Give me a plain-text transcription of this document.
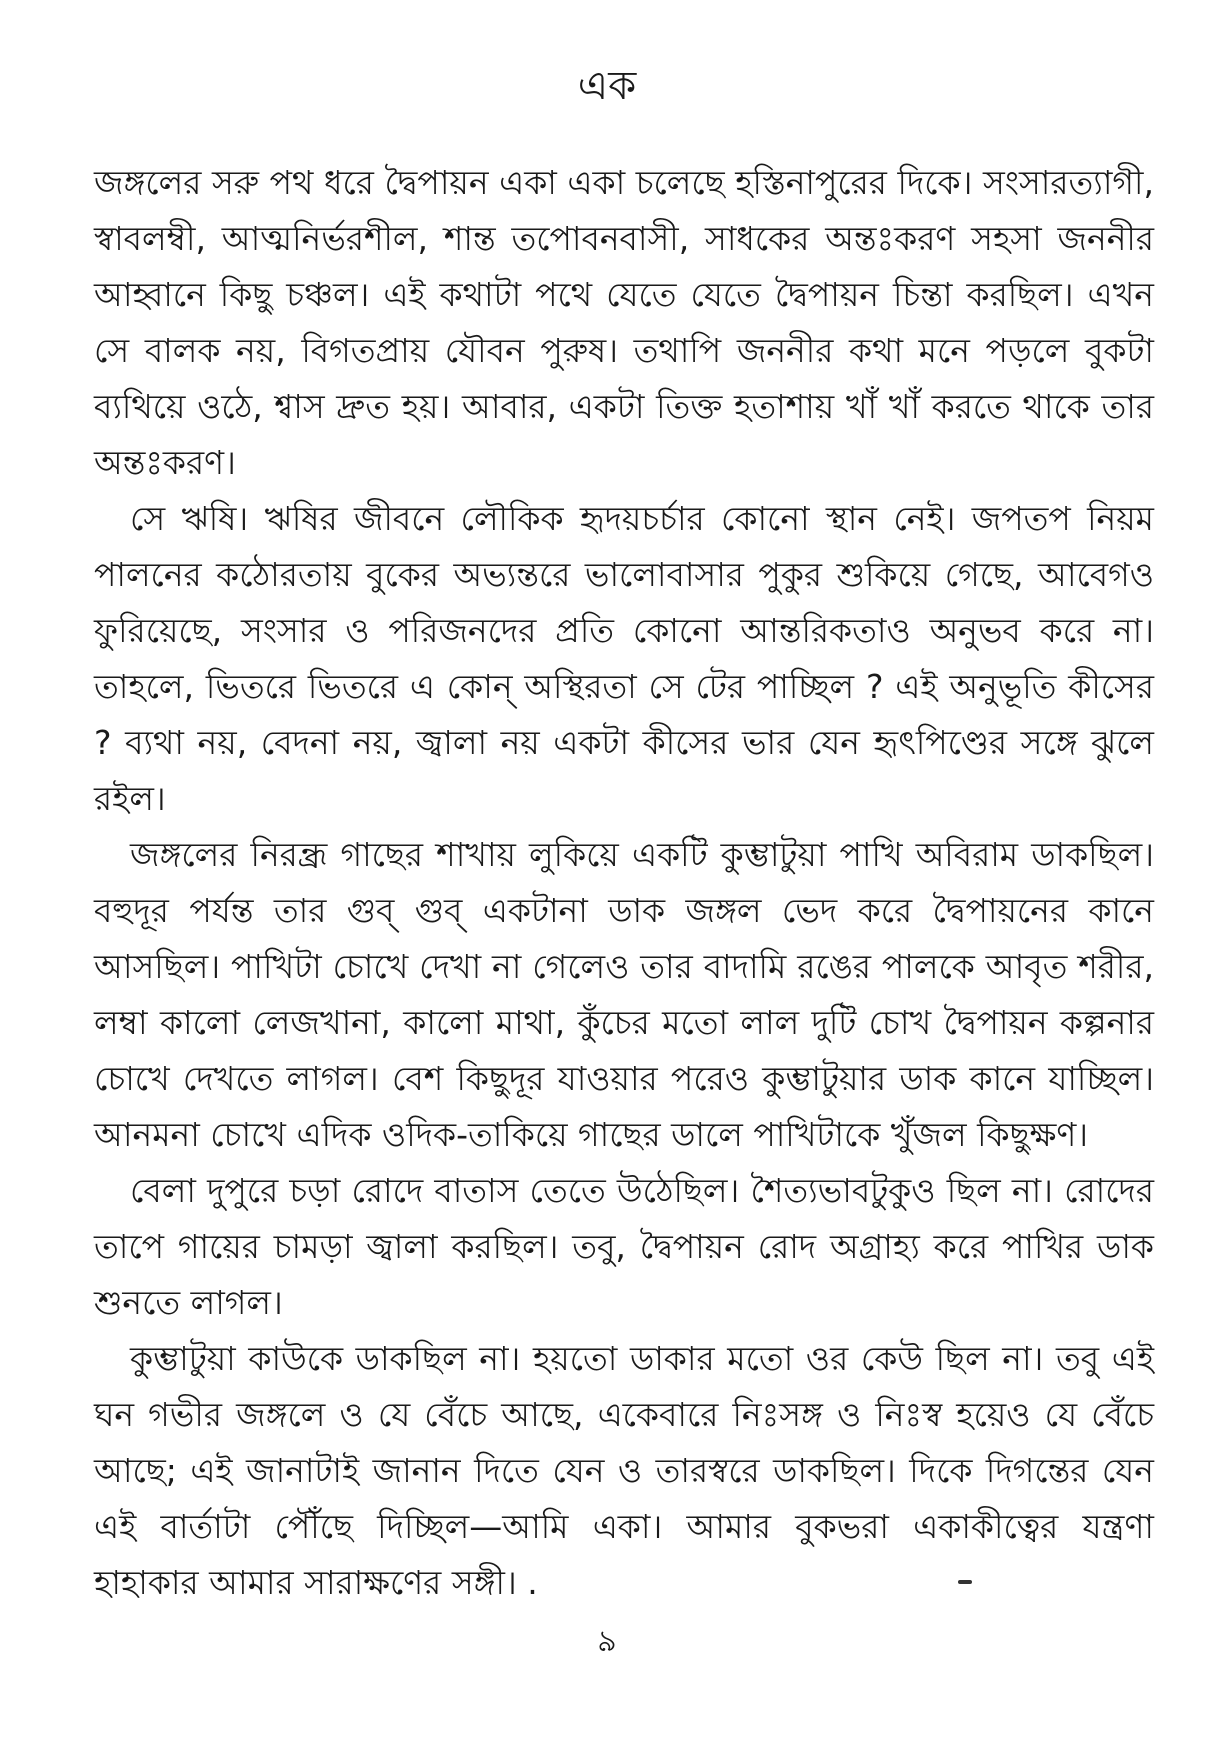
এক

জঙ্গলের সরু পথ ধরে দ্বৈপায়ন একা একা চলেছে হস্তিনাপুরের দিকে। সংসারত্যাগী, স্বাবলম্বী, আত্মনির্ভরশীল, শান্ত তপোবনবাসী, সাধকের অন্তঃকরণ সহসা জননীর আহ্বানে কিছু চঞ্চল। এই কথাটা পথে যেতে যেতে দ্বৈপায়ন চিন্তা করছিল। এখন সে বালক নয়, বিগতপ্রায় যৌবন পুরুষ। তথাপি জননীর কথা মনে পড়লে বুকটা ব্যথিয়ে ওঠে, শ্বাস দ্রুত হয়। আবার, একটা তিক্ত হতাশায় খাঁ খাঁ করতে থাকে তার অন্তঃকরণ।

সে ঋষি। ঋষির জীবনে লৌকিক হৃদয়চর্চার কোনো স্থান নেই। জপতপ নিয়ম পালনের কঠোরতায় বুকের অভ্যন্তরে ভালোবাসার পুকুর শুকিয়ে গেছে, আবেগও ফুরিয়েছে, সংসার ও পরিজনদের প্রতি কোনো আন্তরিকতাও অনুভব করে না। তাহলে, ভিতরে ভিতরে এ কোন্ অস্থিরতা সে টের পাচ্ছিল ? এই অনুভূতি কীসের ? ব্যথা নয়, বেদনা নয়, জ্বালা নয় একটা কীসের ভার যেন হৃৎপিণ্ডের সঙ্গে ঝুলে রইল।

জঙ্গলের নিরন্ধ্র গাছের শাখায় লুকিয়ে একটি কুম্ভাটুয়া পাখি অবিরাম ডাকছিল। বহুদূর পর্যন্ত তার গুব্ গুব্ একটানা ডাক জঙ্গল ভেদ করে দ্বৈপায়নের কানে আসছিল। পাখিটা চোখে দেখা না গেলেও তার বাদামি রঙের পালকে আবৃত শরীর, লম্বা কালো লেজখানা, কালো মাথা, কুঁচের মতো লাল দুটি চোখ দ্বৈপায়ন কল্পনার চোখে দেখতে লাগল। বেশ কিছুদূর যাওয়ার পরেও কুম্ভাটুয়ার ডাক কানে যাচ্ছিল। আনমনা চোখে এদিক ওদিক-তাকিয়ে গাছের ডালে পাখিটাকে খুঁজল কিছুক্ষণ।

বেলা দুপুরে চড়া রোদে বাতাস তেতে উঠেছিল। শৈত্যভাবটুকুও ছিল না। রোদের তাপে গায়ের চামড়া জ্বালা করছিল। তবু, দ্বৈপায়ন রোদ অগ্রাহ্য করে পাখির ডাক শুনতে লাগল।

কুম্ভাটুয়া কাউকে ডাকছিল না। হয়তো ডাকার মতো ওর কেউ ছিল না। তবু এই ঘন গভীর জঙ্গলে ও যে বেঁচে আছে, একেবারে নিঃসঙ্গ ও নিঃস্ব হয়েও যে বেঁচে আছে; এই জানাটাই জানান দিতে যেন ও তারস্বরে ডাকছিল। দিকে দিগন্তের যেন এই বার্তাটা পৌঁছে দিচ্ছিল—আমি একা। আমার বুকভরা একাকীত্বের যন্ত্রণা হাহাকার আমার সারাক্ষণের সঙ্গী। .

৯
